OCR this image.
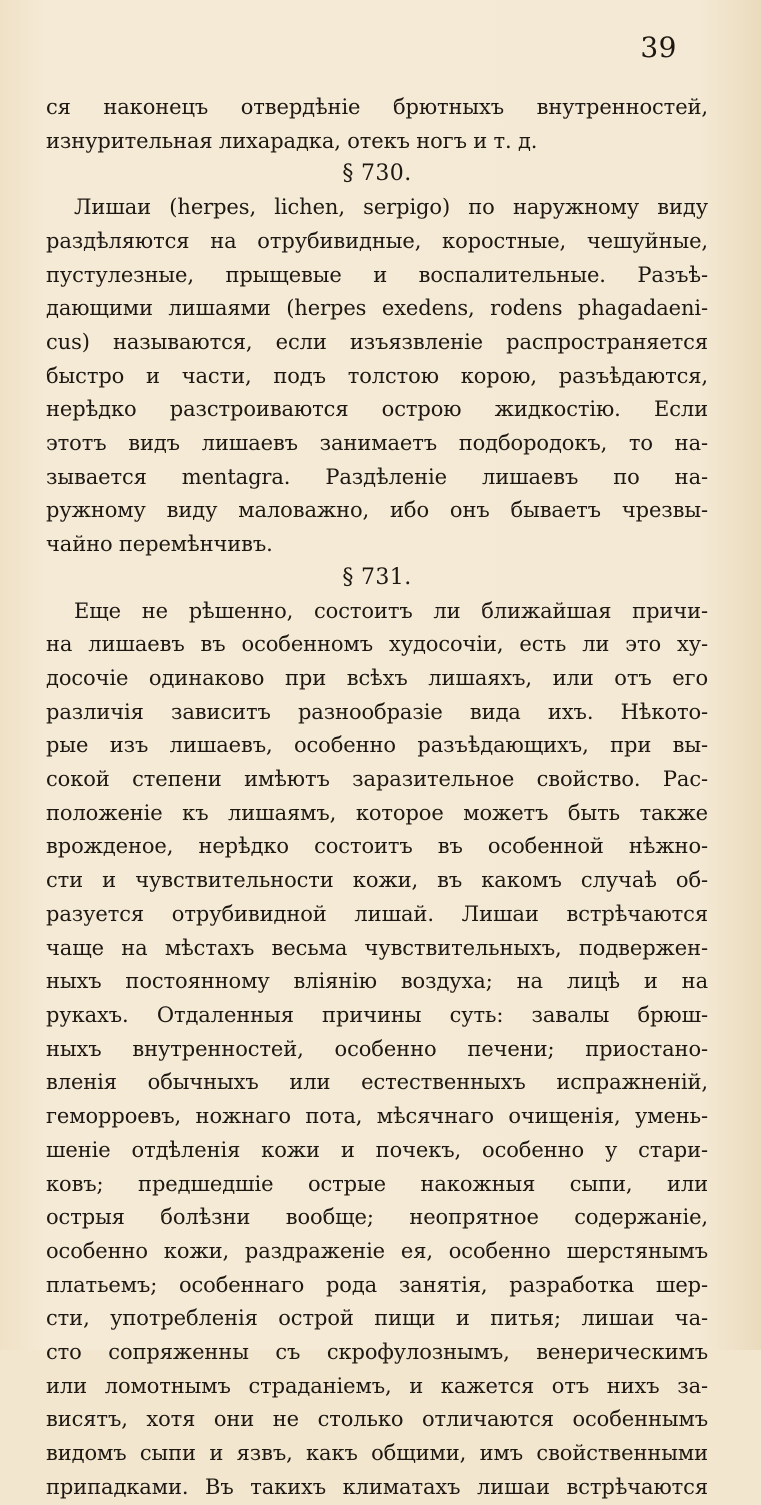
39
ся наконецъ отвердѣніе брютныхъ внутренностей,
изнурительная лихарадка, отекъ ногъ и т. д.
§ 730.
Лишаи (herpes, lichen, serpigo) по наружному виду
раздѣляются на отрубивидные, коростные, чешуйные,
пустулезные, прыщевые и воспалительные. Разъѣ-
дающими лишаями (herpes exedens, rodens phagadaeni-
cus) называются, если изъязвленіе распространяется
быстро и части, подъ толстою корою, разъѣдаются,
нерѣдко разстроиваются острою жидкостію. Если
этотъ видъ лишаевъ занимаетъ подбородокъ, то на-
зывается mentagra. Раздѣленіе лишаевъ по на-
ружному виду маловажно, ибо онъ бываетъ чрезвы-
чайно перемѣнчивъ.
§ 731.
Еще не рѣшенно, состоитъ ли ближайшая причи-
на лишаевъ въ особенномъ худосочіи, есть ли это ху-
досочіе одинаково при всѣхъ лишаяхъ, или отъ его
различія зависитъ разнообразіе вида ихъ. Нѣкото-
рые изъ лишаевъ, особенно разъѣдающихъ, при вы-
сокой степени имѣютъ заразительное свойство. Рас-
положеніе къ лишаямъ, которое можетъ быть также
врожденое, нерѣдко состоитъ въ особенной нѣжно-
сти и чувствительности кожи, въ какомъ случаѣ об-
разуется отрубивидной лишай. Лишаи встрѣчаются
чаще на мѣстахъ весьма чувствительныхъ, подвержен-
ныхъ постоянному вліянію воздуха; на лицѣ и на
рукахъ. Отдаленныя причины суть: завалы брюш-
ныхъ внутренностей, особенно печени; приостано-
вленія обычныхъ или естественныхъ испражненій,
геморроевъ, ножнаго пота, мѣсячнаго очищенія, умень-
шеніе отдѣленія кожи и почекъ, особенно у стари-
ковъ; предшедшіе острые накожныя сыпи, или
острыя болѣзни вообще; неопрятное содержаніе,
особенно кожи, раздраженіе ея, особенно шерстянымъ
платьемъ; особеннаго рода занятія, разработка шер-
сти, употребленія острой пищи и питья; лишаи ча-
сто сопряженны съ скрофулознымъ, венерическимъ
или ломотнымъ страданіемъ, и кажется отъ нихъ за-
висятъ, хотя они не столько отличаются особеннымъ
видомъ сыпи и язвъ, какъ общими, имъ свойственными
припадками. Въ такихъ климатахъ лишаи встрѣчаются
